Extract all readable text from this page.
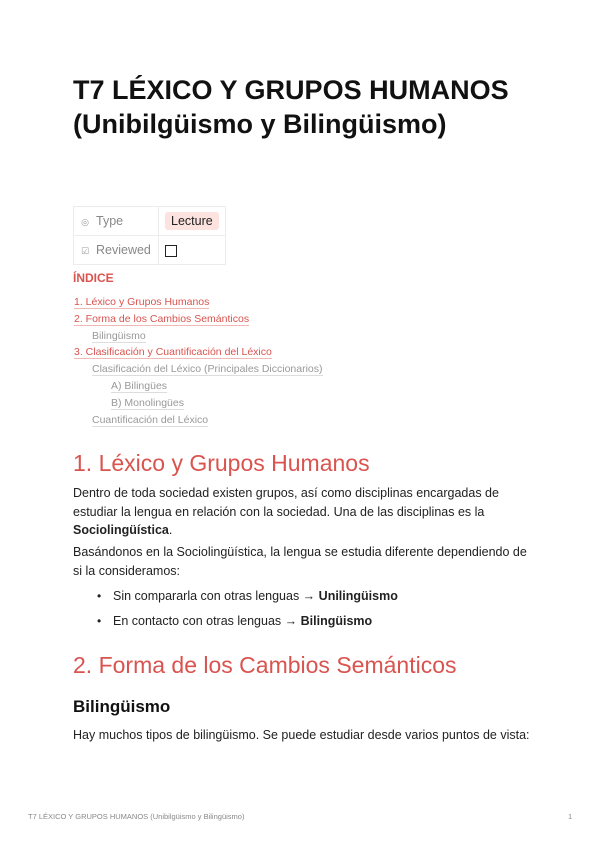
T7 LÉXICO Y GRUPOS HUMANOS (Unibilgüismo y Bilingüismo)
◎ Type	Lecture
☑ Reviewed	
ÍNDICE
1. Léxico y Grupos Humanos
2. Forma de los Cambios Semánticos
Bilingüismo
3. Clasificación y Cuantificación del Léxico
Clasificación del Léxico (Principales Diccionarios)
A) Bilingües
B) Monolingües
Cuantificación del Léxico
1. Léxico y Grupos Humanos

Dentro de toda sociedad existen grupos, así como disciplinas encargadas de estudiar la lengua en relación con la sociedad. Una de las disciplinas es la Sociolingüística.

Basándonos en la Sociolingüística, la lengua se estudia diferente dependiendo de si la consideramos:

• Sin compararla con otras lenguas → Unilingüismo
• En contacto con otras lenguas → Bilingüismo
2. Forma de los Cambios Semánticos
Bilingüismo

Hay muchos tipos de bilingüismo. Se puede estudiar desde varios puntos de vista:

T7 LÉXICO Y GRUPOS HUMANOS (Unibilgüismo y Bilingüismo)	1
